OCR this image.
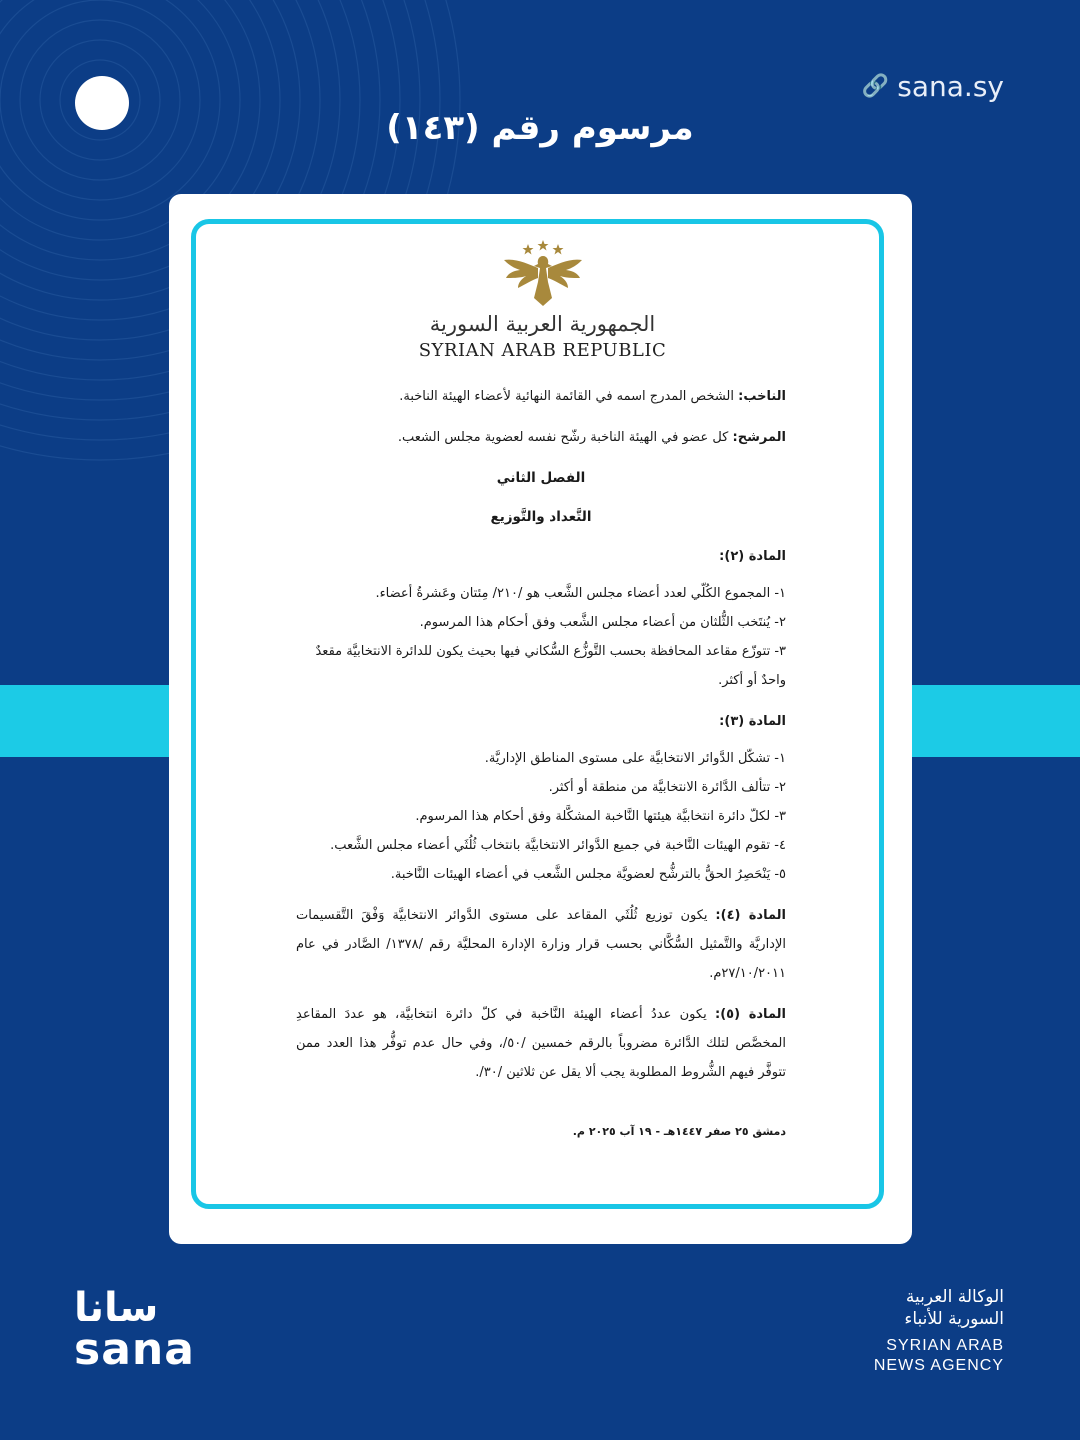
🔗 sana.sy
مرسوم رقم (١٤٣)
الجمهورية العربية السورية
SYRIAN ARAB REPUBLIC

الناخب: الشخص المدرج اسمه في القائمة النهائية لأعضاء الهيئة الناخبة.

المرشح: كل عضو في الهيئة الناخبة رشّح نفسه لعضوية مجلس الشعب.

الفصل الثاني

التَّعداد والتَّوزيع

المادة (٢):

١- المجموع الكُلّي لعدد أعضاء مجلس الشَّعب هو /٢١٠/ مِئتان وعَشرةُ أعضاء.
٢- يُنتَخب الثُّلثان من أعضاء مجلس الشَّعب وفق أحكام هذا المرسوم.
٣- تتوزّع مقاعد المحافظة بحسب التَّوزُّع السُّكاني فيها بحيث يكون للدائرة الانتخابيَّة مقعدٌ واحدٌ أو أكثر.

المادة (٣):

١- تشكّل الدَّوائر الانتخابيَّة على مستوى المناطق الإداريَّة.
٢- تتألف الدَّائرة الانتخابيَّة من منطقة أو أكثر.
٣- لكلّ دائرة انتخابيَّة هيئتها النَّاخبة المشكَّلة وفق أحكام هذا المرسوم.
٤- تقوم الهيئات النَّاخبة في جميع الدَّوائر الانتخابيَّة بانتخاب ثُلُثَي أعضاء مجلس الشَّعب.
٥- يَنْحَصِرُ الحقُّ بالترشُّح لعضويَّة مجلس الشَّعب في أعضاء الهيئات النَّاخبة.

المادة (٤): يكون توزيع ثُلُثَي المقاعد على مستوى الدَّوائر الانتخابيَّة وَفْقَ التَّقسيمات الإداريَّة والتَّمثيل السُّكَّاني بحسب قرار وزارة الإدارة المحليَّة رقم /١٣٧٨/ الصَّادر في عام ٢٧/١٠/٢٠١١م.

المادة (٥): يكون عددُ أعضاء الهيئة النَّاخبة في كلّ دائرة انتخابيَّة، هو عددَ المقاعدِ المخصَّص لتلك الدَّائرة مضروباً بالرقم خمسين /٥٠/، وفي حال عدم توفُّر هذا العدد ممن تتوفَّر فيهم الشُّروط المطلوبة يجب ألا يقل عن ثلاثين /٣٠/.

دمشق ٢٥ صفر ١٤٤٧هـ - ١٩ آب ٢٠٢٥ م.

سانا
sana
الوكالة العربية
السورية للأنباء
SYRIAN ARAB
NEWS AGENCY
